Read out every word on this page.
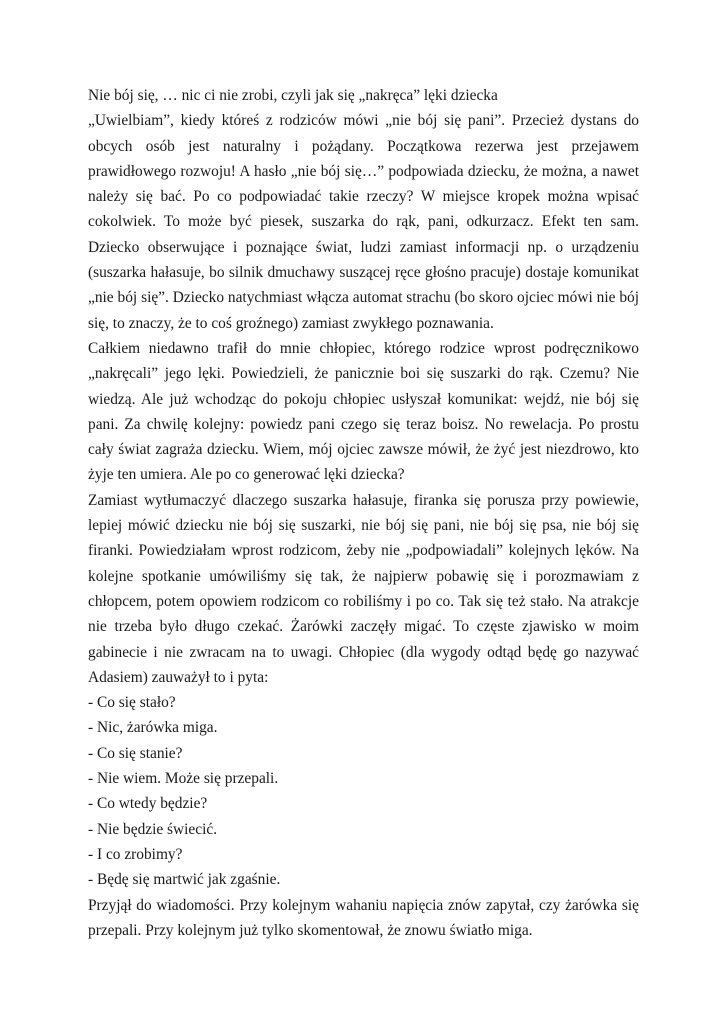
Nie bój się, … nic ci nie zrobi, czyli jak się „nakręca” lęki dziecka

„Uwielbiam”, kiedy któreś z rodziców mówi „nie bój się pani”. Przecież dystans do obcych osób jest naturalny i pożądany. Początkowa rezerwa jest przejawem prawidłowego rozwoju! A hasło „nie bój się…” podpowiada dziecku, że można, a nawet należy się bać. Po co podpowiadać takie rzeczy? W miejsce kropek można wpisać cokolwiek. To może być piesek, suszarka do rąk, pani, odkurzacz. Efekt ten sam. Dziecko obserwujące i poznające świat, ludzi zamiast informacji np. o urządzeniu (suszarka hałasuje, bo silnik dmuchawy suszącej ręce głośno pracuje) dostaje komunikat „nie bój się”. Dziecko natychmiast włącza automat strachu (bo skoro ojciec mówi nie bój się, to znaczy, że to coś groźnego) zamiast zwykłego poznawania.

Całkiem niedawno trafił do mnie chłopiec, którego rodzice wprost podręcznikowo „nakręcali” jego lęki. Powiedzieli, że panicznie boi się suszarki do rąk. Czemu? Nie wiedzą. Ale już wchodząc do pokoju chłopiec usłyszał komunikat: wejdź, nie bój się pani. Za chwilę kolejny: powiedz pani czego się teraz boisz. No rewelacja. Po prostu cały świat zagraża dziecku. Wiem, mój ojciec zawsze mówił, że żyć jest niezdrowo, kto żyje ten umiera. Ale po co generować lęki dziecka?

Zamiast wytłumaczyć dlaczego suszarka hałasuje, firanka się porusza przy powiewie, lepiej mówić dziecku nie bój się suszarki, nie bój się pani, nie bój się psa, nie bój się firanki. Powiedziałam wprost rodzicom, żeby nie „podpowiadali” kolejnych lęków. Na kolejne spotkanie umówiliśmy się tak, że najpierw pobawię się i porozmawiam z chłopcem, potem opowiem rodzicom co robiliśmy i po co. Tak się też stało. Na atrakcje nie trzeba było długo czekać. Żarówki zaczęły migać. To częste zjawisko w moim gabinecie i nie zwracam na to uwagi. Chłopiec (dla wygody odtąd będę go nazywać Adasiem) zauważył to i pyta:

- Co się stało?
- Nic, żarówka miga.
- Co się stanie?
- Nie wiem. Może się przepali.
- Co wtedy będzie?
- Nie będzie świecić.
- I co zrobimy?
- Będę się martwić jak zgaśnie.

Przyjął do wiadomości. Przy kolejnym wahaniu napięcia znów zapytał, czy żarówka się przepali. Przy kolejnym już tylko skomentował, że znowu światło miga.
